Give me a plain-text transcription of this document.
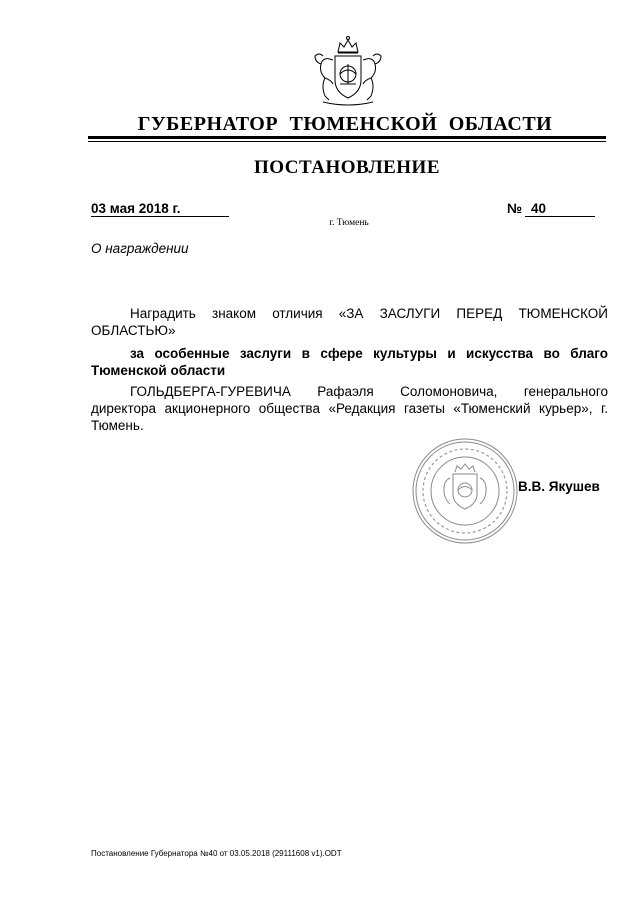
ГУБЕРНАТОР ТЮМЕНСКОЙ ОБЛАСТИ
ПОСТАНОВЛЕНИЕ
03 мая 2018 г.	№ 40
г. Тюмень
О награждении
Наградить знаком отличия «ЗА ЗАСЛУГИ ПЕРЕД ТЮМЕНСКОЙ ОБЛАСТЬЮ»
за особенные заслуги в сфере культуры и искусства во благо Тюменской области
ГОЛЬДБЕРГА-ГУРЕВИЧА Рафаэля Соломоновича, генерального директора акционерного общества «Редакция газеты «Тюменский курьер», г. Тюмень.
В.В. Якушев
Постановление Губернатора №40 от 03.05.2018 (29111608 v1).ODT
